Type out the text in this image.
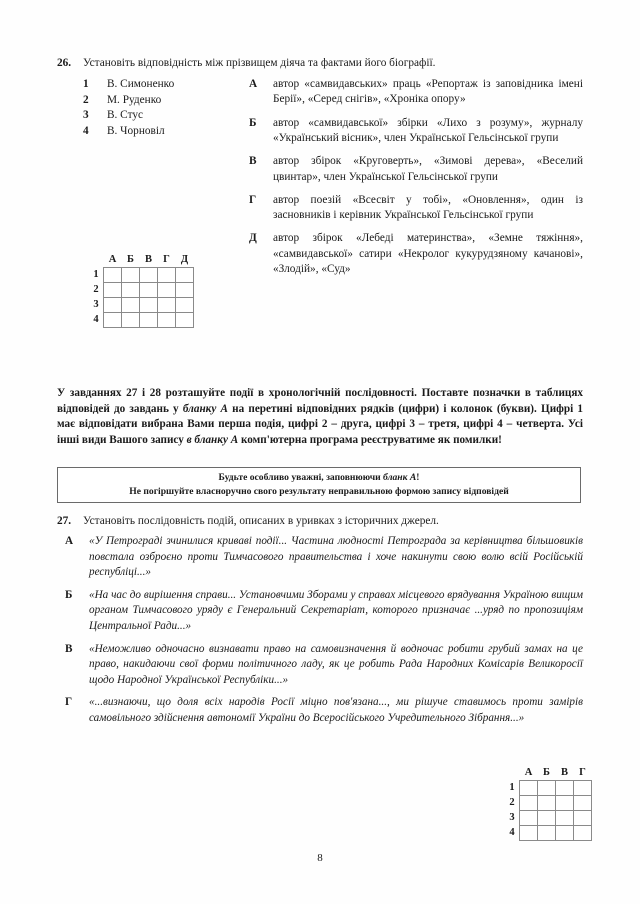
26.	Установіть відповідність між прізвищем діяча та фактами його біографії.
1	В. Симоненко
2	М. Руденко
3	В. Стус
4	В. Чорновіл
А	автор «самвидавських» праць «Репортаж із заповідника імені Берії», «Серед снігів», «Хроніка опору»
Б	автор «самвидавської» збірки «Лихо з розуму», журналу «Український вісник», член Української Гельсінської групи
В	автор збірок «Круговерть», «Зимові дерева», «Веселий цвинтар», член Української Гельсінської групи
Г	автор поезій «Всесвіт у тобі», «Оновлення», один із засновників і керівник Української Гельсінської групи
Д	автор збірок «Лебеді материнства», «Земне тяжіння», «самвидавської» сатири «Некролог кукурудзяному качанові», «Злодій», «Суд»
	А	Б	В	Г	Д
1					
2					
3					
4					
У завданнях 27 і 28 розташуйте події в хронологічній послідовності. Поставте позначки в таблицях відповідей до завдань у бланку А на перетині відповідних рядків (цифри) і колонок (букви). Цифрі 1 має відповідати вибрана Вами перша подія, цифрі 2 – друга, цифрі 3 – третя, цифрі 4 – четверта. Усі інші види Вашого запису в бланку А комп'ютерна програма реєструватиме як помилки!
Будьте особливо уважні, заповнюючи бланк А!
Не погіршуйте власноручно свого результату неправильною формою запису відповідей
27.	Установіть послідовність подій, описаних в уривках з історичних джерел.
А	«У Петрограді зчинилися криваві події... Частина людності Петрограда за керівництва більшовиків повстала озброєно проти Тимчасового правительства і хоче накинути свою волю всій Російській республіці...»
Б	«На час до вирішення справи... Установчими Зборами у справах місцевого врядування Україною вищим органом Тимчасового уряду є Генеральний Секретаріат, которого призначає ...уряд по пропозиціям Центральної Ради...»
В	«Неможливо одночасно визнавати право на самовизначення й водночас робити грубий замах на це право, накидаючи свої форми політичного ладу, як це робить Рада Народних Комісарів Великоросії щодо Народної Української Республіки...»
Г	«...визнаючи, що доля всіх народів Росії міцно пов'язана..., ми рішуче ставимось проти замірів самовільного здійснення автономії України до Всеросійського Учредительного Зібрання...»
	А	Б	В	Г
1				
2				
3				
4				
8
